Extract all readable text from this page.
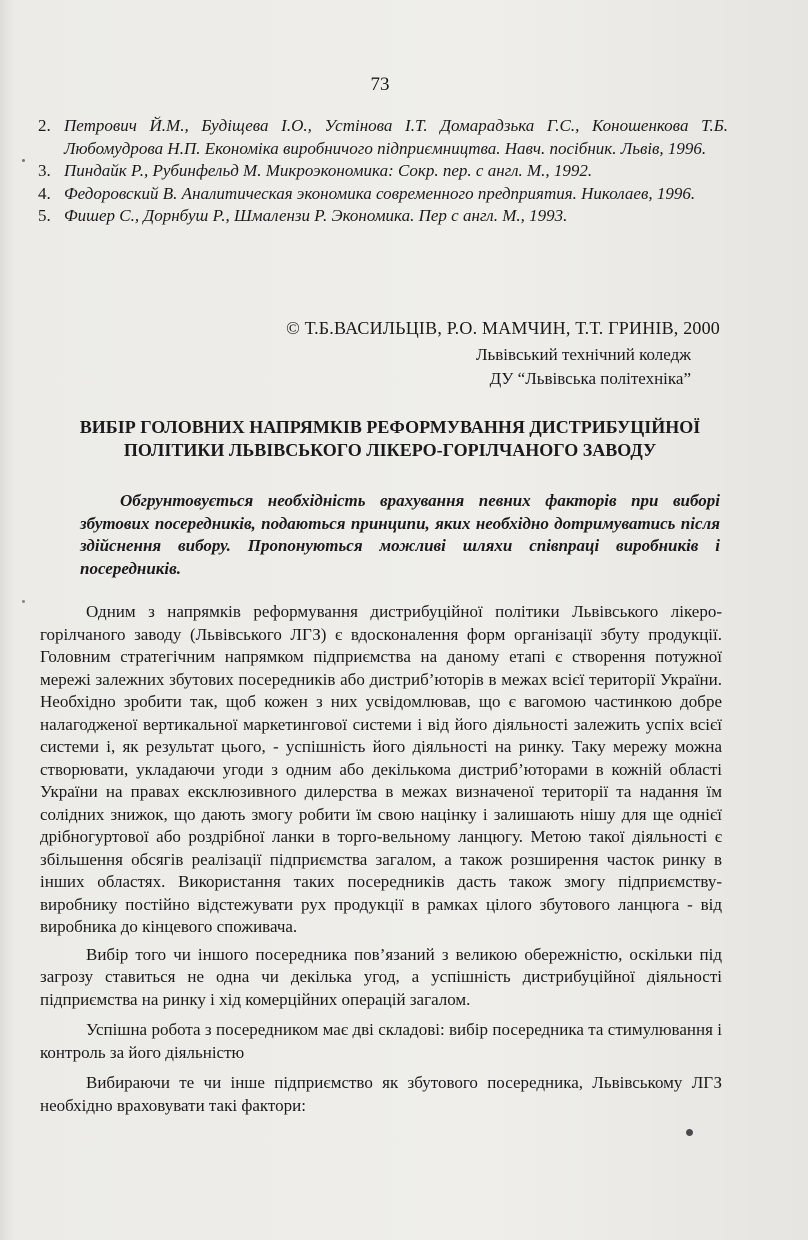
73
2. Петрович Й.М., Будіщева І.О., Устінова І.Т. Домарадзька Г.С., Коношенкова Т.Б. Любомудрова Н.П. Економіка виробничого підприємництва. Навч. посібник. Львів, 1996.
3. Пиндайк Р., Рубинфельд М. Микроэкономика: Сокр. пер. с англ. М., 1992.
4. Федоровский В. Аналитическая экономика современного предприятия. Николаев, 1996.
5. Фишер С., Дорнбуш Р., Шмалензи Р. Экономика. Пер с англ. М., 1993.
© Т.Б.ВАСИЛЬЦІВ, Р.О. МАМЧИН, Т.Т. ГРИНІВ, 2000
Львівський технічний коледж
ДУ “Львівська політехніка”
ВИБІР ГОЛОВНИХ НАПРЯМКІВ РЕФОРМУВАННЯ ДИСТРИБУЦІЙНОЇ
ПОЛІТИКИ ЛЬВІВСЬКОГО ЛІКЕРО-ГОРІЛЧАНОГО ЗАВОДУ
Обгрунтовується необхідність врахування певних факторів при виборі збутових посередників, подаються принципи, яких необхідно дотримуватись після здійснення вибору. Пропонуються можливі шляхи співпраці виробників і посередників.

Одним з напрямків реформування дистрибуційної політики Львівського лікеро-горілчаного заводу (Львівського ЛГЗ) є вдосконалення форм організації збуту продукції. Головним стратегічним напрямком підприємства на даному етапі є створення потужної мережі залежних збутових посередників або дистриб’юторів в межах всієї території України. Необхідно зробити так, щоб кожен з них усвідомлював, що є вагомою частинкою добре налагодженої вертикальної маркетингової системи і від його діяльності залежить успіх всієї системи і, як результат цього, - успішність його діяльності на ринку. Таку мережу можна створювати, укладаючи угоди з одним або декількома дистриб’юторами в кожній області України на правах ексклюзивного дилерства в межах визначеної території та надання їм солідних знижок, що дають змогу робити їм свою націнку і залишають нішу для ще однієї дрібногуртової або роздрібної ланки в торго-вельному ланцюгу. Метою такої діяльності є збільшення обсягів реалізації підприємства загалом, а також розширення часток ринку в інших областях. Використання таких посередників дасть також змогу підприємству-виробнику постійно відстежувати рух продукції в рамках цілого збутового ланцюга - від виробника до кінцевого споживача.

Вибір того чи іншого посередника пов’язаний з великою обережністю, оскільки під загрозу ставиться не одна чи декілька угод, а успішність дистрибуційної діяльності підприємства на ринку і хід комерційних операцій загалом.

Успішна робота з посередником має дві складові: вибір посередника та стимулювання і контроль за його діяльністю

Вибираючи те чи інше підприємство як збутового посередника, Львівському ЛГЗ необхідно враховувати такі фактори:
